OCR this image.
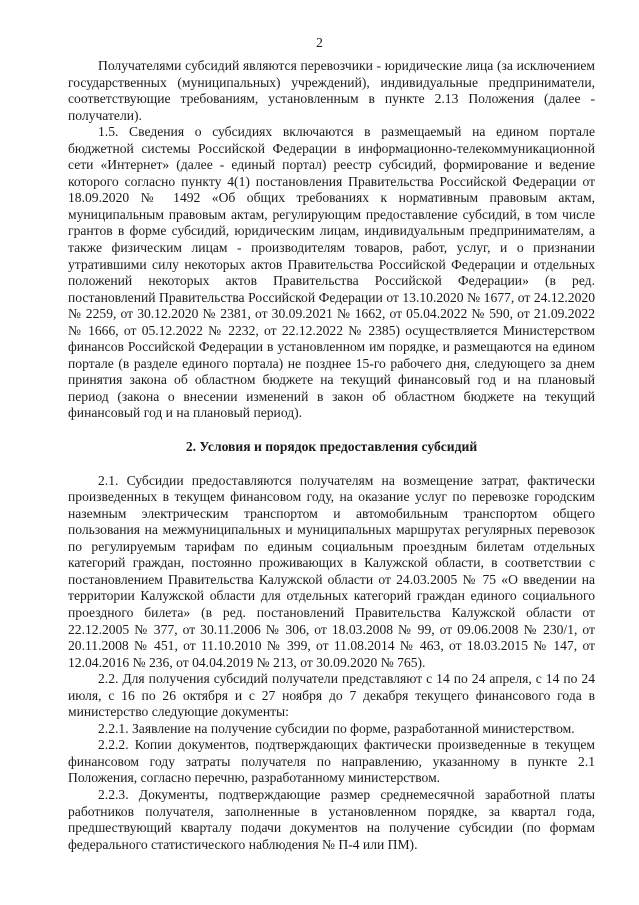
2

Получателями субсидий являются перевозчики - юридические лица (за исключением государственных (муниципальных) учреждений), индивидуальные предприниматели, соответствующие требованиям, установленным в пункте 2.13 Положения (далее - получатели).

1.5. Сведения о субсидиях включаются в размещаемый на едином портале бюджетной системы Российской Федерации в информационно-телекоммуникационной сети «Интернет» (далее - единый портал) реестр субсидий, формирование и ведение которого согласно пункту 4(1) постановления Правительства Российской Федерации от 18.09.2020 № 1492 «Об общих требованиях к нормативным правовым актам, муниципальным правовым актам, регулирующим предоставление субсидий, в том числе грантов в форме субсидий, юридическим лицам, индивидуальным предпринимателям, а также физическим лицам - производителям товаров, работ, услуг, и о признании утратившими силу некоторых актов Правительства Российской Федерации и отдельных положений некоторых актов Правительства Российской Федерации» (в ред. постановлений Правительства Российской Федерации от 13.10.2020 № 1677, от 24.12.2020 № 2259, от 30.12.2020 № 2381, от 30.09.2021 № 1662, от 05.04.2022 № 590, от 21.09.2022 № 1666, от 05.12.2022 № 2232, от 22.12.2022 № 2385) осуществляется Министерством финансов Российской Федерации в установленном им порядке, и размещаются на едином портале (в разделе единого портала) не позднее 15-го рабочего дня, следующего за днем принятия закона об областном бюджете на текущий финансовый год и на плановый период (закона о внесении изменений в закон об областном бюджете на текущий финансовый год и на плановый период).

2. Условия и порядок предоставления субсидий

2.1. Субсидии предоставляются получателям на возмещение затрат, фактически произведенных в текущем финансовом году, на оказание услуг по перевозке городским наземным электрическим транспортом и автомобильным транспортом общего пользования на межмуниципальных и муниципальных маршрутах регулярных перевозок по регулируемым тарифам по единым социальным проездным билетам отдельных категорий граждан, постоянно проживающих в Калужской области, в соответствии с постановлением Правительства Калужской области от 24.03.2005 № 75 «О введении на территории Калужской области для отдельных категорий граждан единого социального проездного билета» (в ред. постановлений Правительства Калужской области от 22.12.2005 № 377, от 30.11.2006 № 306, от 18.03.2008 № 99, от 09.06.2008 № 230/1, от 20.11.2008 № 451, от 11.10.2010 № 399, от 11.08.2014 № 463, от 18.03.2015 № 147, от 12.04.2016 № 236, от 04.04.2019 № 213, от 30.09.2020 № 765).

2.2. Для получения субсидий получатели представляют с 14 по 24 апреля, с 14 по 24 июля, с 16 по 26 октября и с 27 ноября до 7 декабря текущего финансового года в министерство следующие документы:

2.2.1. Заявление на получение субсидии по форме, разработанной министерством.

2.2.2. Копии документов, подтверждающих фактически произведенные в текущем финансовом году затраты получателя по направлению, указанному в пункте 2.1 Положения, согласно перечню, разработанному министерством.

2.2.3. Документы, подтверждающие размер среднемесячной заработной платы работников получателя, заполненные в установленном порядке, за квартал года, предшествующий кварталу подачи документов на получение субсидии (по формам федерального статистического наблюдения № П-4 или ПМ).
